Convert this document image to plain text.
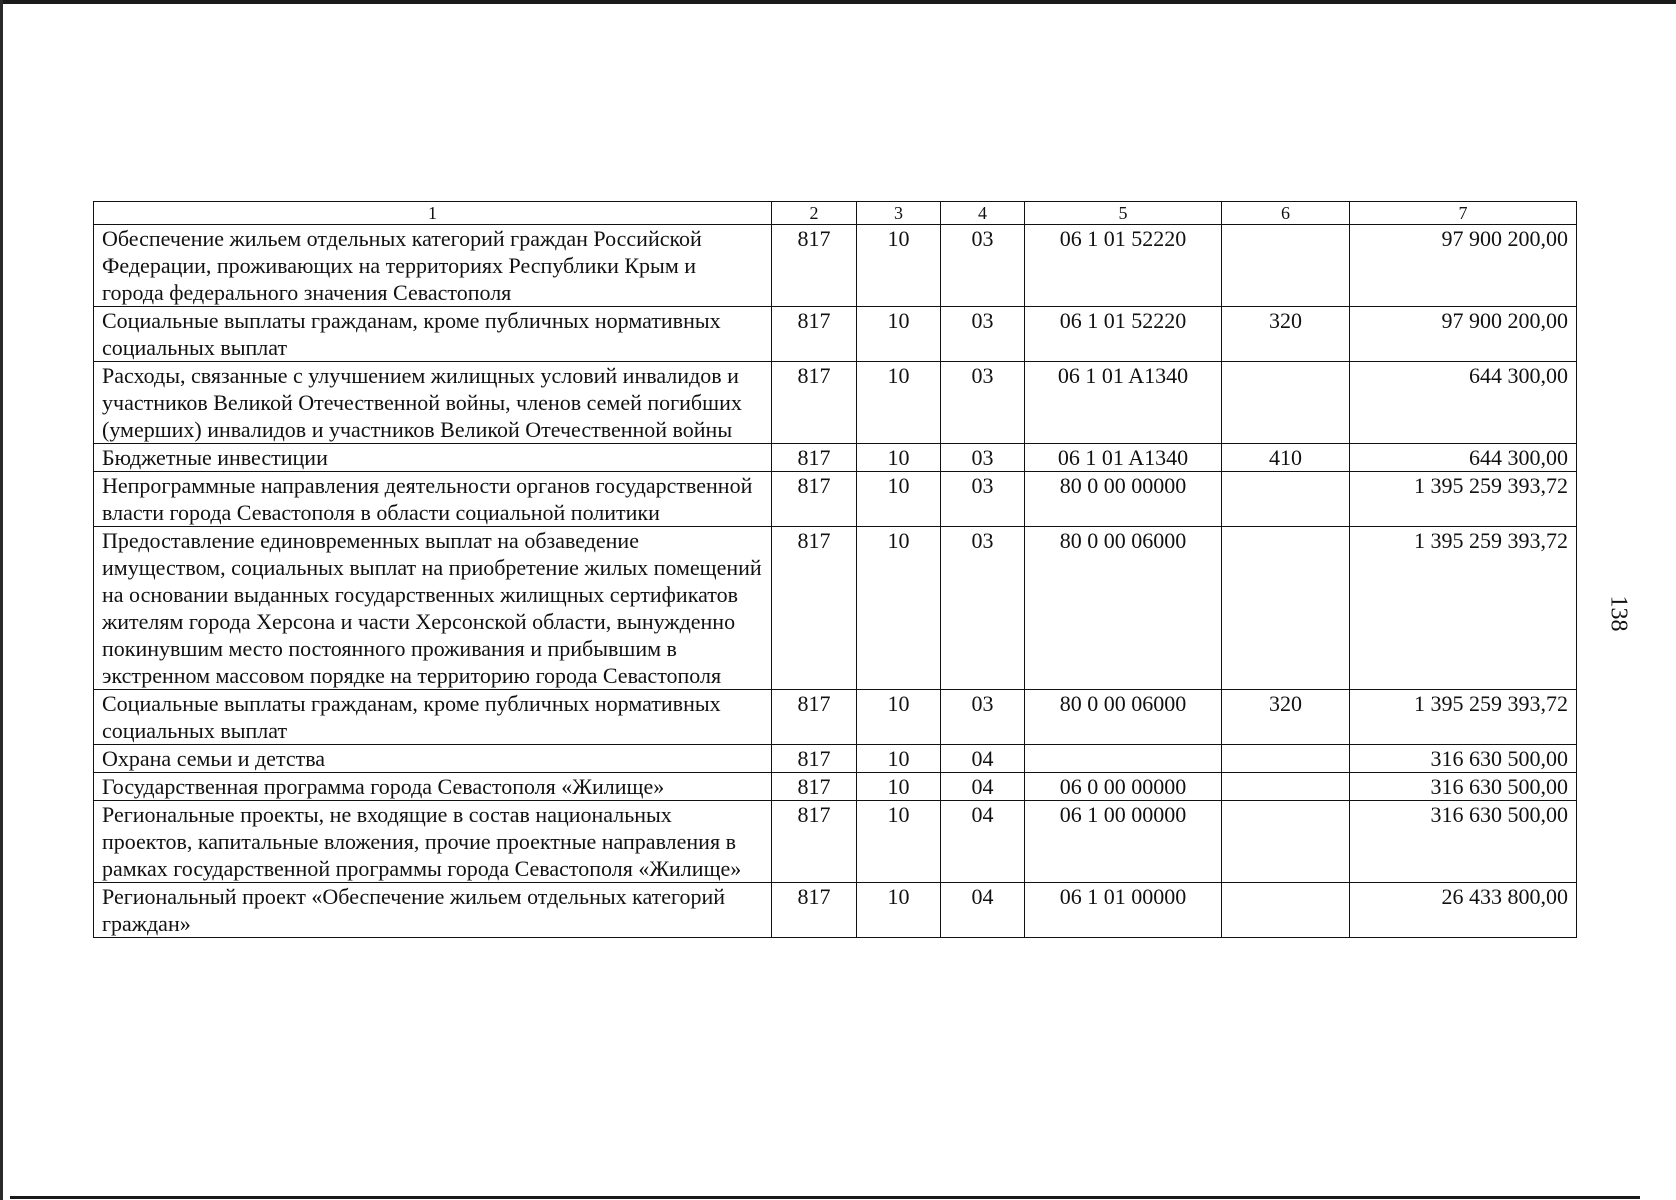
138
1	2	3	4	5	6	7
Обеспечение жильем отдельных категорий граждан Российской Федерации, проживающих на территориях Республики Крым и города федерального значения Севастополя	817	10	03	06 1 01 52220		97 900 200,00
Социальные выплаты гражданам, кроме публичных нормативных социальных выплат	817	10	03	06 1 01 52220	320	97 900 200,00
Расходы, связанные с улучшением жилищных условий инвалидов и участников Великой Отечественной войны, членов семей погибших (умерших) инвалидов и участников Великой Отечественной войны	817	10	03	06 1 01 A1340		644 300,00
Бюджетные инвестиции	817	10	03	06 1 01 A1340	410	644 300,00
Непрограммные направления деятельности органов государственной власти города Севастополя в области социальной политики	817	10	03	80 0 00 00000		1 395 259 393,72
Предоставление единовременных выплат на обзаведение имуществом, социальных выплат на приобретение жилых помещений на основании выданных государственных жилищных сертификатов жителям города Херсона и части Херсонской области, вынужденно покинувшим место постоянного проживания и прибывшим в экстренном массовом порядке на территорию города Севастополя	817	10	03	80 0 00 06000		1 395 259 393,72
Социальные выплаты гражданам, кроме публичных нормативных социальных выплат	817	10	03	80 0 00 06000	320	1 395 259 393,72
Охрана семьи и детства	817	10	04			316 630 500,00
Государственная программа города Севастополя «Жилище»	817	10	04	06 0 00 00000		316 630 500,00
Региональные проекты, не входящие в состав национальных проектов, капитальные вложения, прочие проектные направления в рамках государственной программы города Севастополя «Жилище»	817	10	04	06 1 00 00000		316 630 500,00
Региональный проект «Обеспечение жильем отдельных категорий граждан»	817	10	04	06 1 01 00000		26 433 800,00
